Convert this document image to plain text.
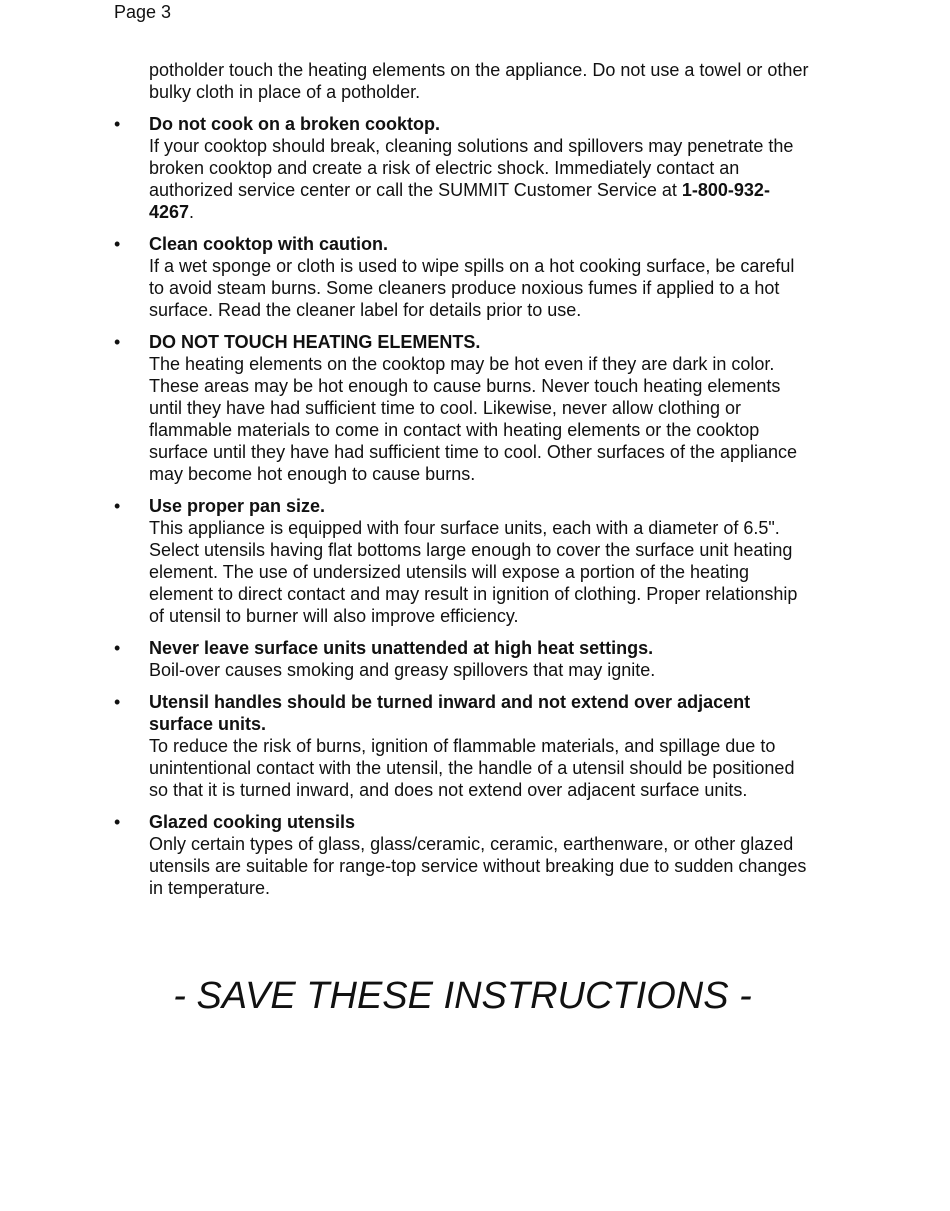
Page 3
potholder touch the heating elements on the appliance. Do not use a towel or other bulky cloth in place of a potholder.
• Do not cook on a broken cooktop.
If your cooktop should break, cleaning solutions and spillovers may penetrate the broken cooktop and create a risk of electric shock. Immediately contact an authorized service center or call the SUMMIT Customer Service at 1-800-932-4267.
• Clean cooktop with caution.
If a wet sponge or cloth is used to wipe spills on a hot cooking surface, be careful to avoid steam burns. Some cleaners produce noxious fumes if applied to a hot surface. Read the cleaner label for details prior to use.
• DO NOT TOUCH HEATING ELEMENTS.
The heating elements on the cooktop may be hot even if they are dark in color. These areas may be hot enough to cause burns. Never touch heating elements until they have had sufficient time to cool. Likewise, never allow clothing or flammable materials to come in contact with heating elements or the cooktop surface until they have had sufficient time to cool. Other surfaces of the appliance may become hot enough to cause burns.
• Use proper pan size.
This appliance is equipped with four surface units, each with a diameter of 6.5". Select utensils having flat bottoms large enough to cover the surface unit heating element. The use of undersized utensils will expose a portion of the heating element to direct contact and may result in ignition of clothing. Proper relationship of utensil to burner will also improve efficiency.
• Never leave surface units unattended at high heat settings.
Boil-over causes smoking and greasy spillovers that may ignite.
• Utensil handles should be turned inward and not extend over adjacent surface units.
To reduce the risk of burns, ignition of flammable materials, and spillage due to unintentional contact with the utensil, the handle of a utensil should be positioned so that it is turned inward, and does not extend over adjacent surface units.
• Glazed cooking utensils
Only certain types of glass, glass/ceramic, ceramic, earthenware, or other glazed utensils are suitable for range-top service without breaking due to sudden changes in temperature.
- SAVE THESE INSTRUCTIONS -
